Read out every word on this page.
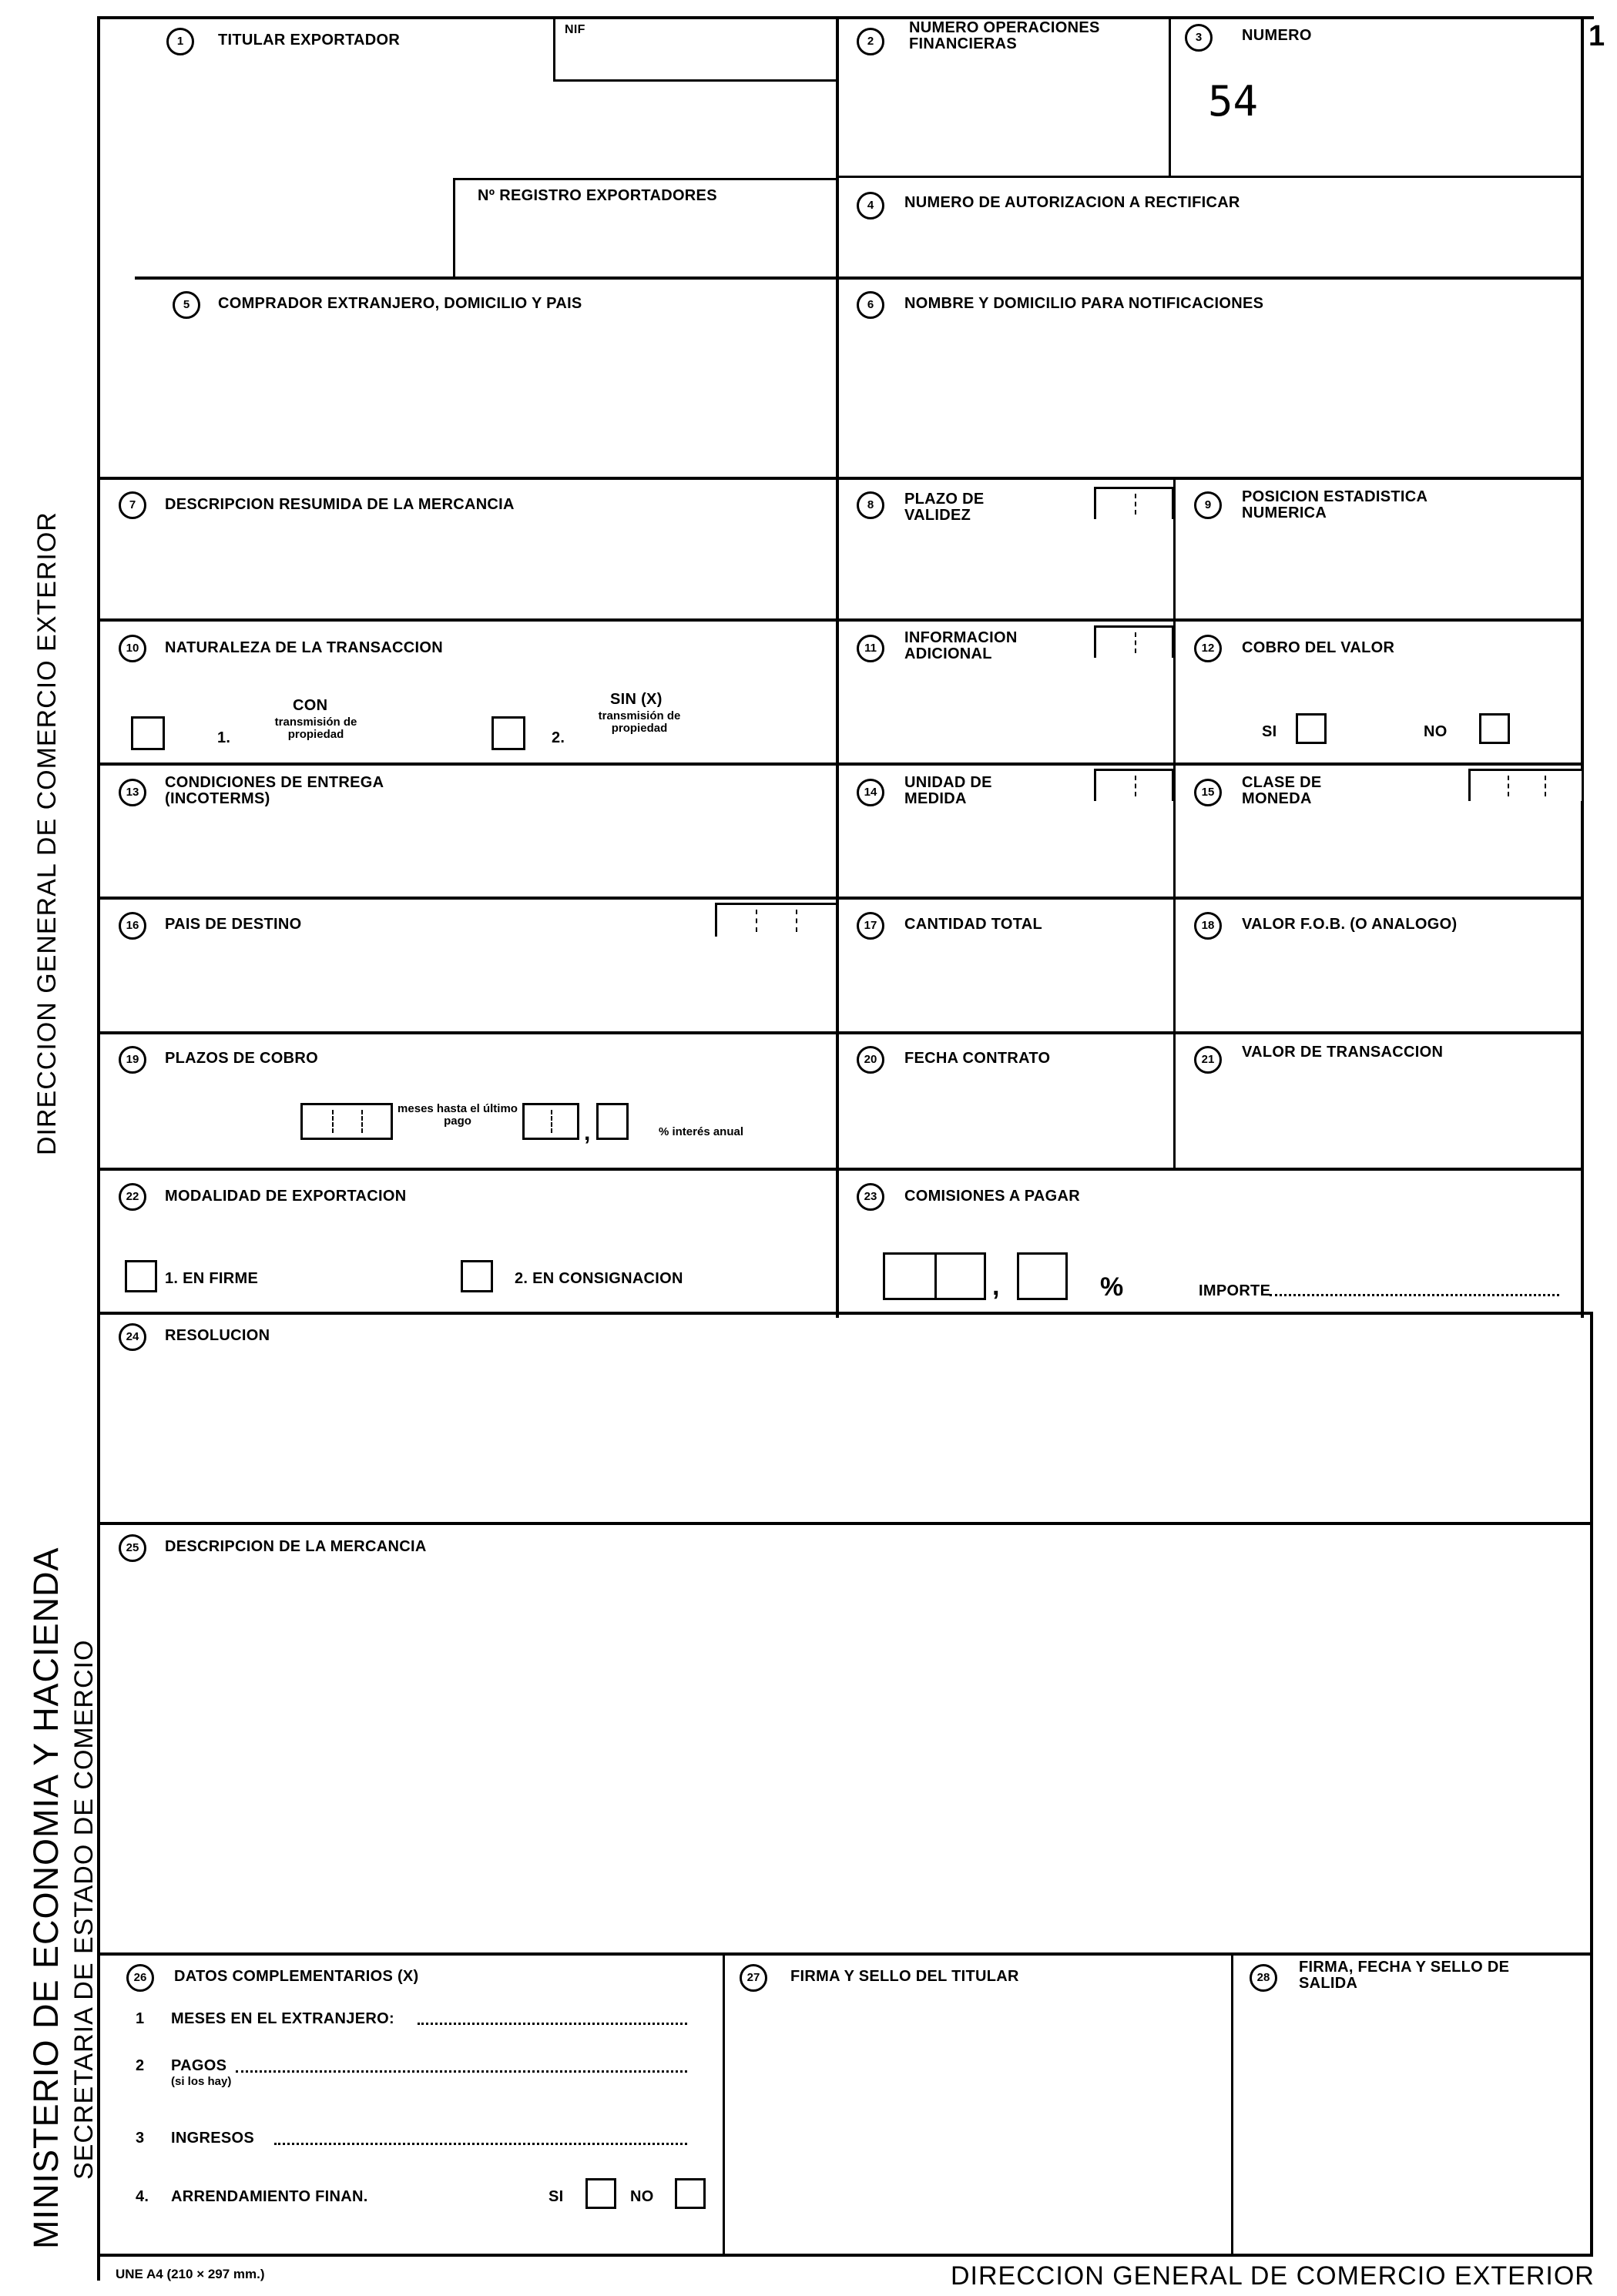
1
DIRECCION GENERAL DE COMERCIO EXTERIOR
MINISTERIO DE ECONOMIA Y HACIENDA SECRETARIA DE ESTADO DE COMERCIO
1	TITULAR EXPORTADOR
NIF
Nº REGISTRO EXPORTADORES
2
NUMERO OPERACIONES FINANCIERAS	3	NUMERO
54
4	NUMERO DE AUTORIZACION A RECTIFICAR
5	COMPRADOR EXTRANJERO, DOMICILIO Y PAIS	6	NOMBRE Y DOMICILIO PARA NOTIFICACIONES
7	DESCRIPCION RESUMIDA DE LA MERCANCIA	8	PLAZO DE VALIDEZ
9	POSICION ESTADISTICA NUMERICA
10	NATURALEZA DE LA TRANSACCION
1.
CON
transmisión de propiedad	2.
SIN (X)
transmisión de propiedad
11
INFORMACION ADICIONAL	12	COBRO DEL VALOR
SI	NO
13
CONDICIONES DE ENTREGA (INCOTERMS)	14
UNIDAD DE MEDIDA	15
CLASE DE MONEDA
16	PAIS DE DESTINO	17	CANTIDAD TOTAL	18	VALOR F.O.B. (O ANALOGO)
19	PLAZOS DE COBRO
meses hasta el último pago	,	% interés anual
20	FECHA CONTRATO	21	VALOR DE TRANSACCION
22	MODALIDAD DE EXPORTACION
1. EN FIRME	2. EN CONSIGNACION
23	COMISIONES A PAGAR
,	%	IMPORTE
24	RESOLUCION
25	DESCRIPCION DE LA MERCANCIA
26	DATOS COMPLEMENTARIOS (X)
1 MESES EN EL EXTRANJERO:
2 PAGOS
(si los hay)
3 INGRESOS
4. ARRENDAMIENTO FINAN.	SI	NO
27	FIRMA Y SELLO DEL TITULAR	28
FIRMA, FECHA Y SELLO DE SALIDA
UNE A4 (210 × 297 mm.)	DIRECCION GENERAL DE COMERCIO EXTERIOR
